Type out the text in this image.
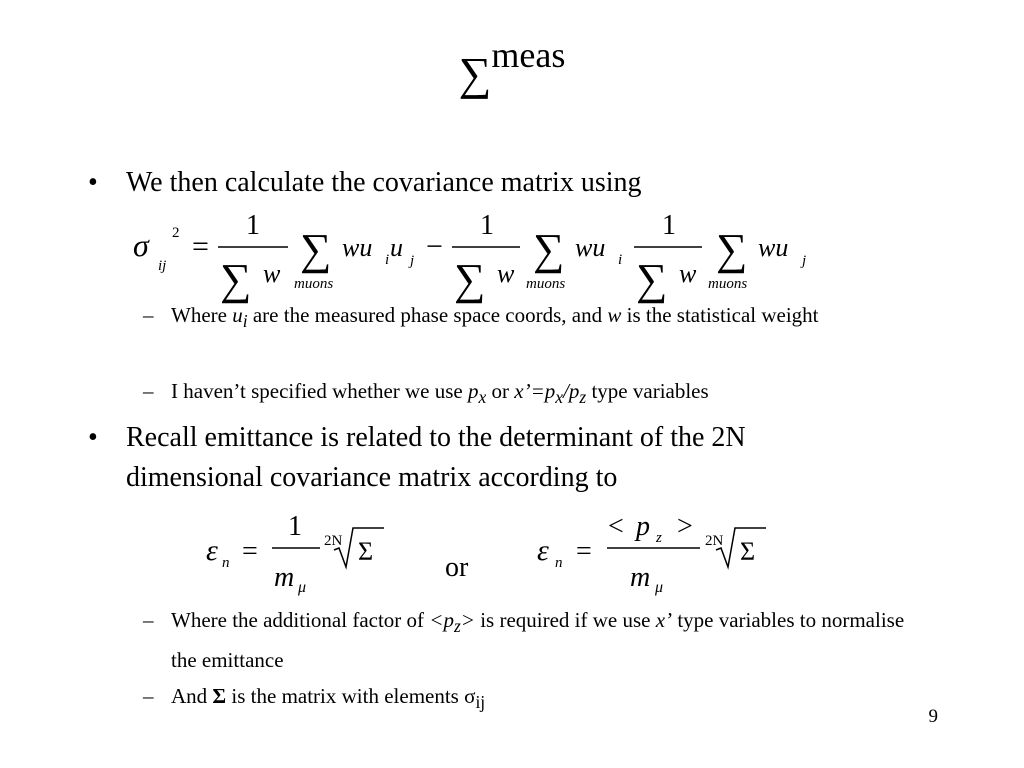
∑meas
• We then calculate the covariance matrix using
– Where $u_i$ are the measured phase space coords, and w is the statistical weight
– I haven’t specified whether we use $p_x$ or $x’=p_x/p_z$ type variables
• Recall emittance is related to the determinant of the 2N
dimensional covariance matrix according to
– Where the additional factor of $<p_z>$ is required if we use x’ type variables to normalise the emittance
– And Σ is the matrix with elements $\sigma_{ij}$
σ
ij
2 =
1
∑ w muons
∑ wu i u j −
1
∑ w muons
∑ wu i
1
∑ w muons
∑ wu j
ε n =
1
m μ
2N Σ
or
ε n =
< p z >
m μ
2N Σ
9
